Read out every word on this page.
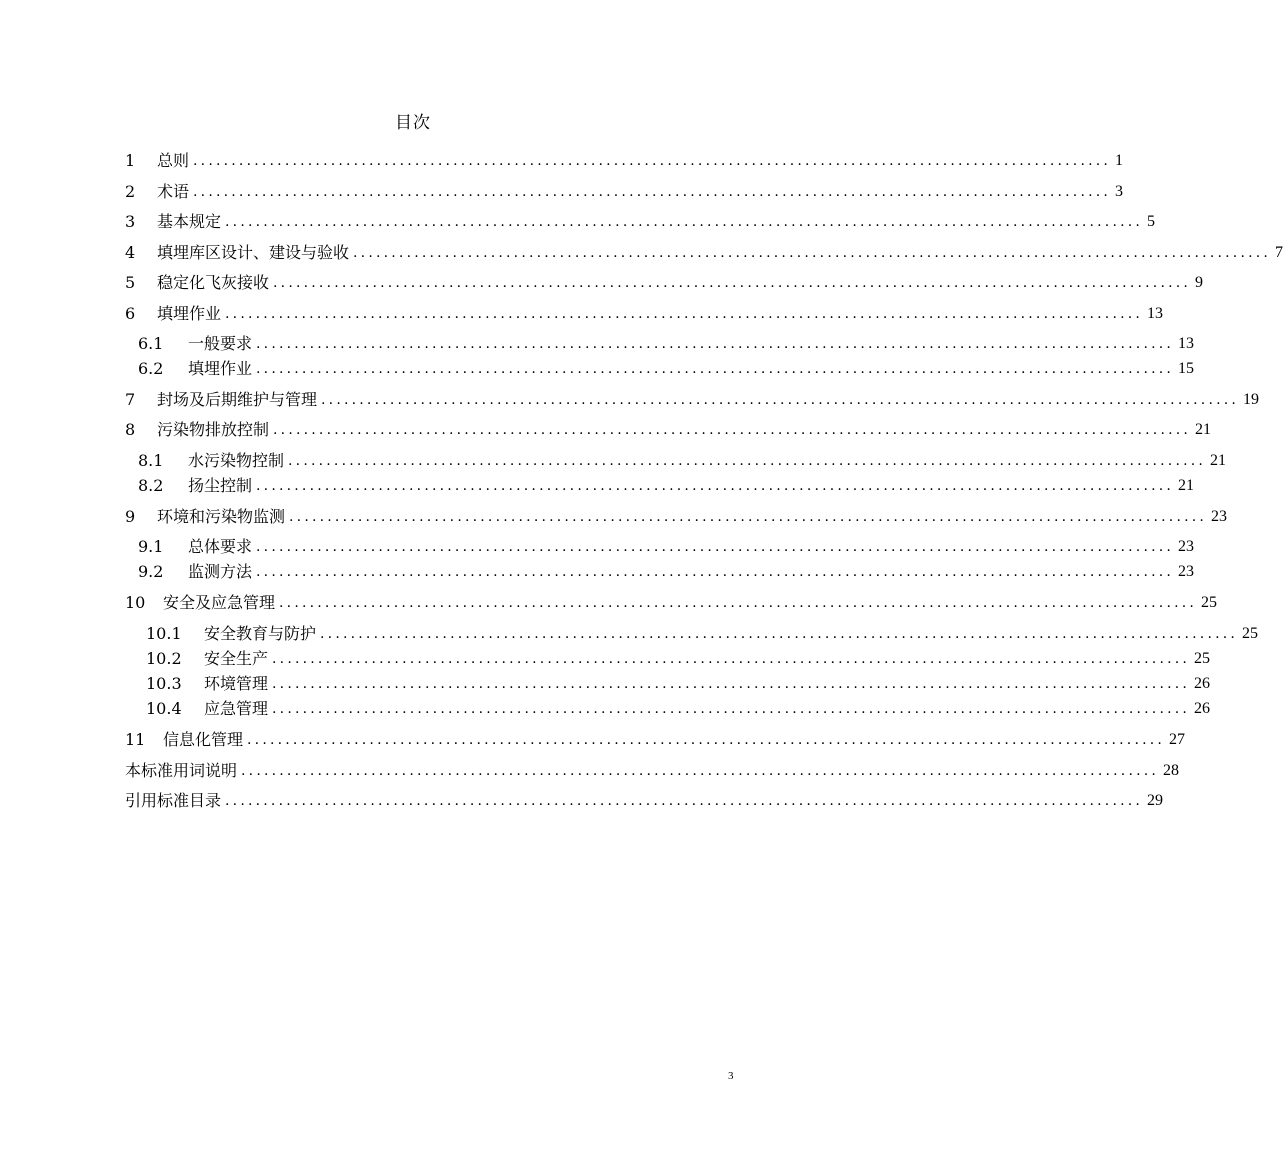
目次
1	总则 ........................................................................................................................ 1
2	术语 ........................................................................................................................ 3
3	基本规定 ........................................................................................................................ 5
4	填埋库区设计、建设与验收 ........................................................................................................................ 7
5	稳定化飞灰接收 ........................................................................................................................ 9
6	填埋作业 ........................................................................................................................ 13
6.1	一般要求 ........................................................................................................................ 13
6.2	填埋作业 ........................................................................................................................ 15
7	封场及后期维护与管理 ........................................................................................................................ 19
8	污染物排放控制 ........................................................................................................................ 21
8.1	水污染物控制 ........................................................................................................................ 21
8.2	扬尘控制 ........................................................................................................................ 21
9	环境和污染物监测 ........................................................................................................................ 23
9.1	总体要求 ........................................................................................................................ 23
9.2	监测方法 ........................................................................................................................ 23
10	安全及应急管理 ........................................................................................................................ 25
10.1	安全教育与防护 ........................................................................................................................ 25
10.2	安全生产 ........................................................................................................................ 25
10.3	环境管理 ........................................................................................................................ 26
10.4	应急管理 ........................................................................................................................ 26
11	信息化管理 ........................................................................................................................ 27
本标准用词说明 ........................................................................................................................ 28
引用标准目录 ........................................................................................................................ 29
3
